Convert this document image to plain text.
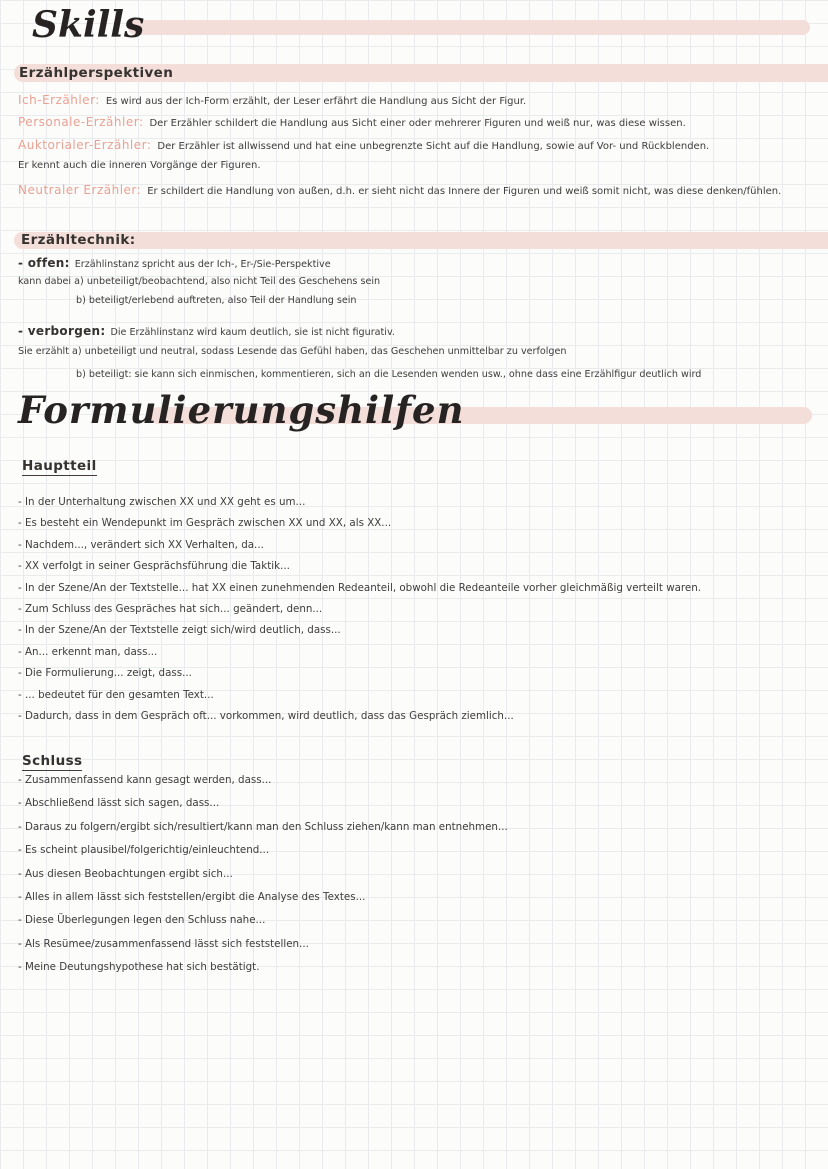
Skills
Erzählperspektiven
Ich-Erzähler: Es wird aus der Ich-Form erzählt, der Leser erfährt die Handlung aus Sicht der Figur.
Personale-Erzähler: Der Erzähler schildert die Handlung aus Sicht einer oder mehrerer Figuren und weiß nur, was diese wissen.
Auktorialer-Erzähler: Der Erzähler ist allwissend und hat eine unbegrenzte Sicht auf die Handlung, sowie auf Vor- und Rückblenden.
Er kennt auch die inneren Vorgänge der Figuren.
Neutraler Erzähler: Er schildert die Handlung von außen, d.h. er sieht nicht das Innere der Figuren und weiß somit nicht, was diese denken/fühlen.
Erzähltechnik:
- offen: Erzählinstanz spricht aus der Ich-, Er-/Sie-Perspektive
kann dabei a) unbeteiligt/beobachtend, also nicht Teil des Geschehens sein
b) beteiligt/erlebend auftreten, also Teil der Handlung sein
- verborgen: Die Erzählinstanz wird kaum deutlich, sie ist nicht figurativ.
Sie erzählt a) unbeteiligt und neutral, sodass Lesende das Gefühl haben, das Geschehen unmittelbar zu verfolgen
b) beteiligt: sie kann sich einmischen, kommentieren, sich an die Lesenden wenden usw., ohne dass eine Erzählfigur deutlich wird
Formulierungshilfen
Hauptteil
- In der Unterhaltung zwischen XX und XX geht es um...
- Es besteht ein Wendepunkt im Gespräch zwischen XX und XX, als XX...
- Nachdem..., verändert sich XX Verhalten, da...
- XX verfolgt in seiner Gesprächsführung die Taktik...
- In der Szene/An der Textstelle... hat XX einen zunehmenden Redeanteil, obwohl die Redeanteile vorher gleichmäßig verteilt waren.
- Zum Schluss des Gespräches hat sich... geändert, denn...
- In der Szene/An der Textstelle zeigt sich/wird deutlich, dass...
- An... erkennt man, dass...
- Die Formulierung... zeigt, dass...
- ... bedeutet für den gesamten Text...
- Dadurch, dass in dem Gespräch oft... vorkommen, wird deutlich, dass das Gespräch ziemlich...
Schluss
- Zusammenfassend kann gesagt werden, dass...
- Abschließend lässt sich sagen, dass...
- Daraus zu folgern/ergibt sich/resultiert/kann man den Schluss ziehen/kann man entnehmen...
- Es scheint plausibel/folgerichtig/einleuchtend...
- Aus diesen Beobachtungen ergibt sich...
- Alles in allem lässt sich feststellen/ergibt die Analyse des Textes...
- Diese Überlegungen legen den Schluss nahe...
- Als Resümee/zusammenfassend lässt sich feststellen...
- Meine Deutungshypothese hat sich bestätigt.
